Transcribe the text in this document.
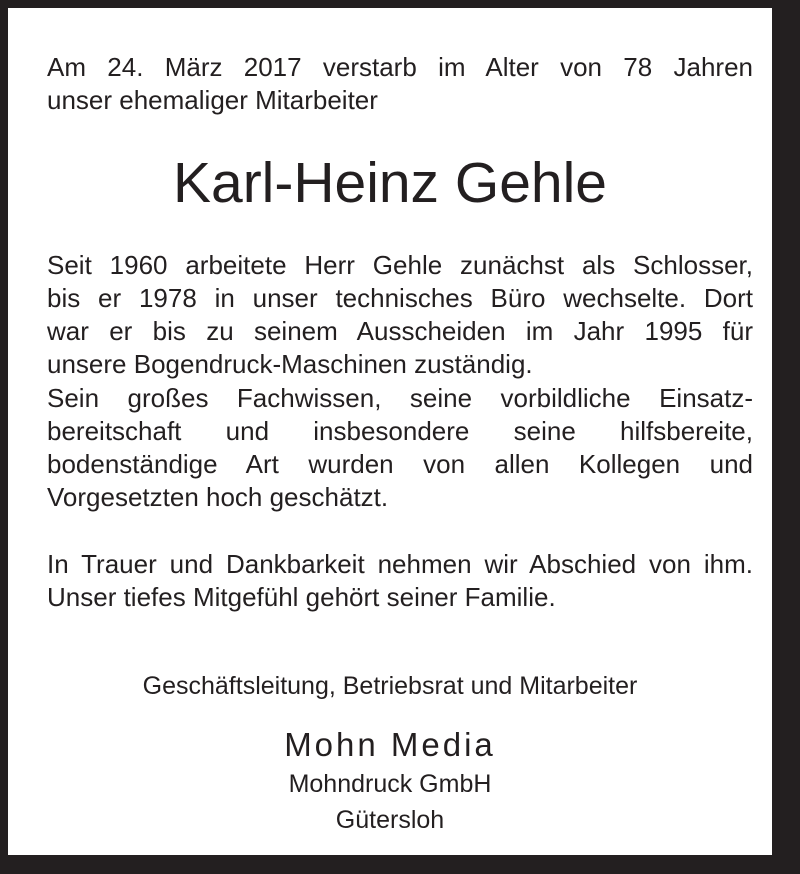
Am 24. März 2017 verstarb im Alter von 78 Jahren
unser ehemaliger Mitarbeiter
Karl-Heinz Gehle
Seit 1960 arbeitete Herr Gehle zunächst als Schlosser,
bis er 1978 in unser technisches Büro wechselte. Dort
war er bis zu seinem Ausscheiden im Jahr 1995 für
unsere Bogendruck-Maschinen zuständig.
Sein großes Fachwissen, seine vorbildliche Einsatz-
bereitschaft und insbesondere seine hilfsbereite,
bodenständige Art wurden von allen Kollegen und
Vorgesetzten hoch geschätzt.
In Trauer und Dankbarkeit nehmen wir Abschied von ihm.
Unser tiefes Mitgefühl gehört seiner Familie.
Geschäftsleitung, Betriebsrat und Mitarbeiter
Mohn Media
Mohndruck GmbH
Gütersloh
